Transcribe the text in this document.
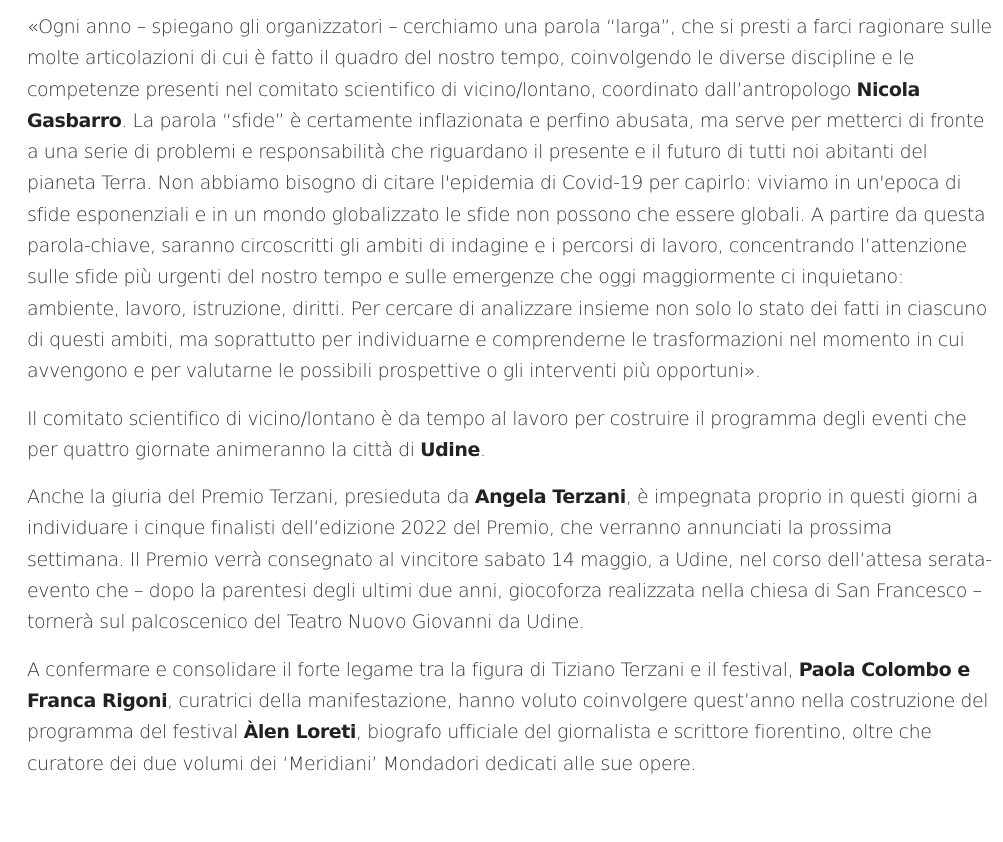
«Ogni anno – spiegano gli organizzatori – cerchiamo una parola “larga”, che si presti a farci ragionare sulle molte articolazioni di cui è fatto il quadro del nostro tempo, coinvolgendo le diverse discipline e le competenze presenti nel comitato scientifico di vicino/lontano, coordinato dall’antropologo Nicola Gasbarro. La parola “sfide” è certamente inflazionata e perfino abusata, ma serve per metterci di fronte a una serie di problemi e responsabilità che riguardano il presente e il futuro di tutti noi abitanti del pianeta Terra. Non abbiamo bisogno di citare l'epidemia di Covid-19 per capirlo: viviamo in un'epoca di sfide esponenziali e in un mondo globalizzato le sfide non possono che essere globali. A partire da questa parola-chiave, saranno circoscritti gli ambiti di indagine e i percorsi di lavoro, concentrando l’attenzione sulle sfide più urgenti del nostro tempo e sulle emergenze che oggi maggiormente ci inquietano: ambiente, lavoro, istruzione, diritti. Per cercare di analizzare insieme non solo lo stato dei fatti in ciascuno di questi ambiti, ma soprattutto per individuarne e comprenderne le trasformazioni nel momento in cui avvengono e per valutarne le possibili prospettive o gli interventi più opportuni».

Il comitato scientifico di vicino/lontano è da tempo al lavoro per costruire il programma degli eventi che per quattro giornate animeranno la città di Udine.

Anche la giuria del Premio Terzani, presieduta da Angela Terzani, è impegnata proprio in questi giorni a individuare i cinque finalisti dell’edizione 2022 del Premio, che verranno annunciati la prossima settimana. Il Premio verrà consegnato al vincitore sabato 14 maggio, a Udine, nel corso dell’attesa serata-evento che – dopo la parentesi degli ultimi due anni, giocoforza realizzata nella chiesa di San Francesco – tornerà sul palcoscenico del Teatro Nuovo Giovanni da Udine.

A confermare e consolidare il forte legame tra la figura di Tiziano Terzani e il festival, Paola Colombo e Franca Rigoni, curatrici della manifestazione, hanno voluto coinvolgere quest’anno nella costruzione del programma del festival Àlen Loreti, biografo ufficiale del giornalista e scrittore fiorentino, oltre che curatore dei due volumi dei ‘Meridiani’ Mondadori dedicati alle sue opere.
